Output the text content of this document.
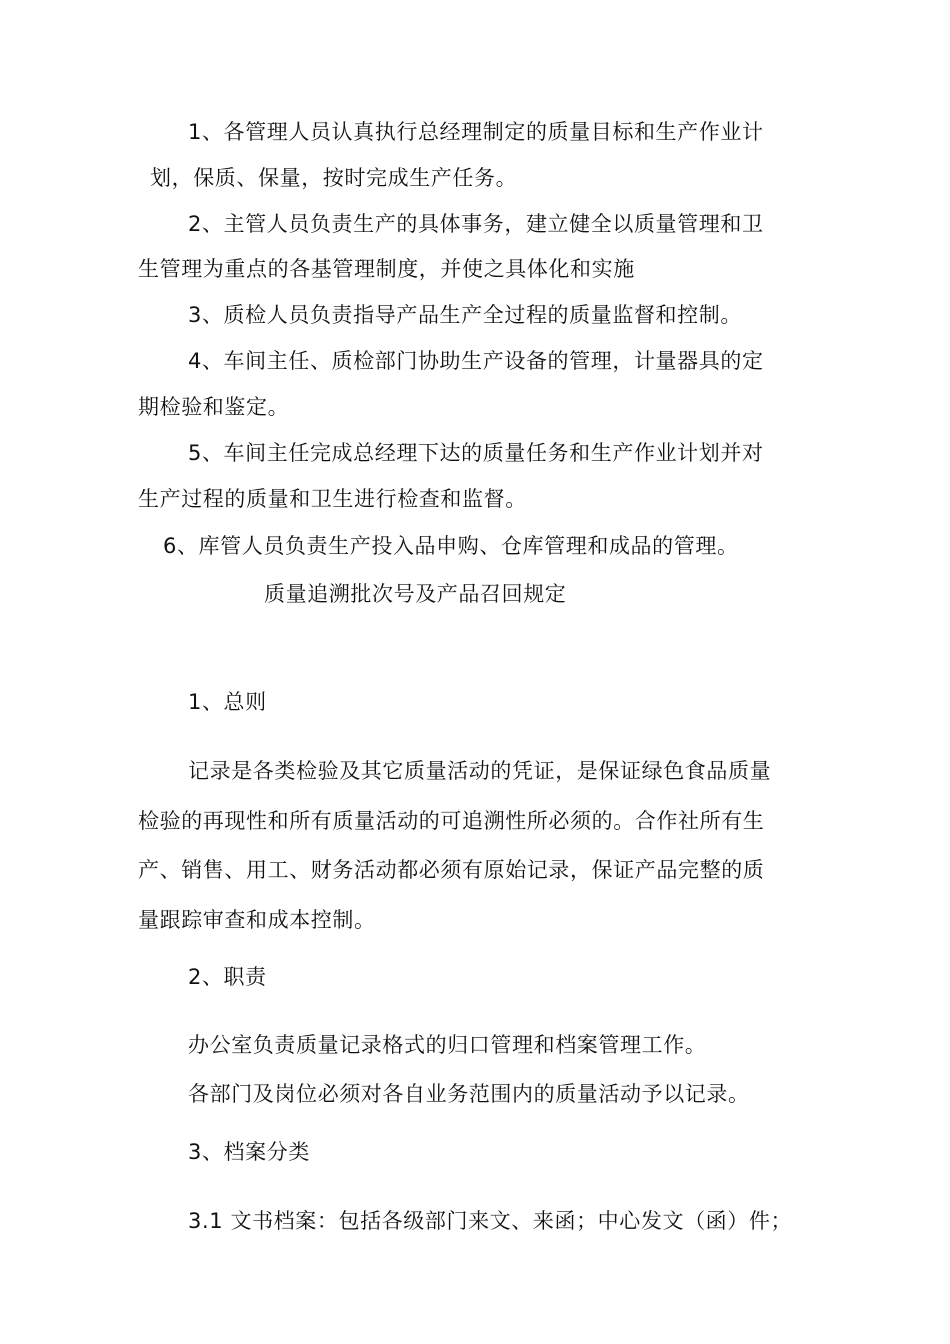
1、各管理人员认真执行总经理制定的质量目标和生产作业计
划，保质、保量，按时完成生产任务。
2、主管人员负责生产的具体事务，建立健全以质量管理和卫
生管理为重点的各基管理制度，并使之具体化和实施
3、质检人员负责指导产品生产全过程的质量监督和控制。
4、车间主任、质检部门协助生产设备的管理，计量器具的定
期检验和鉴定。
5、车间主任完成总经理下达的质量任务和生产作业计划并对
生产过程的质量和卫生进行检查和监督。
6、库管人员负责生产投入品申购、仓库管理和成品的管理。
质量追溯批次号及产品召回规定
1、总则
记录是各类检验及其它质量活动的凭证，是保证绿色食品质量
检验的再现性和所有质量活动的可追溯性所必须的。合作社所有生
产、销售、用工、财务活动都必须有原始记录，保证产品完整的质
量跟踪审查和成本控制。
2、职责
办公室负责质量记录格式的归口管理和档案管理工作。
各部门及岗位必须对各自业务范围内的质量活动予以记录。
3、档案分类
3.1 文书档案：包括各级部门来文、来函；中心发文（函）件；
